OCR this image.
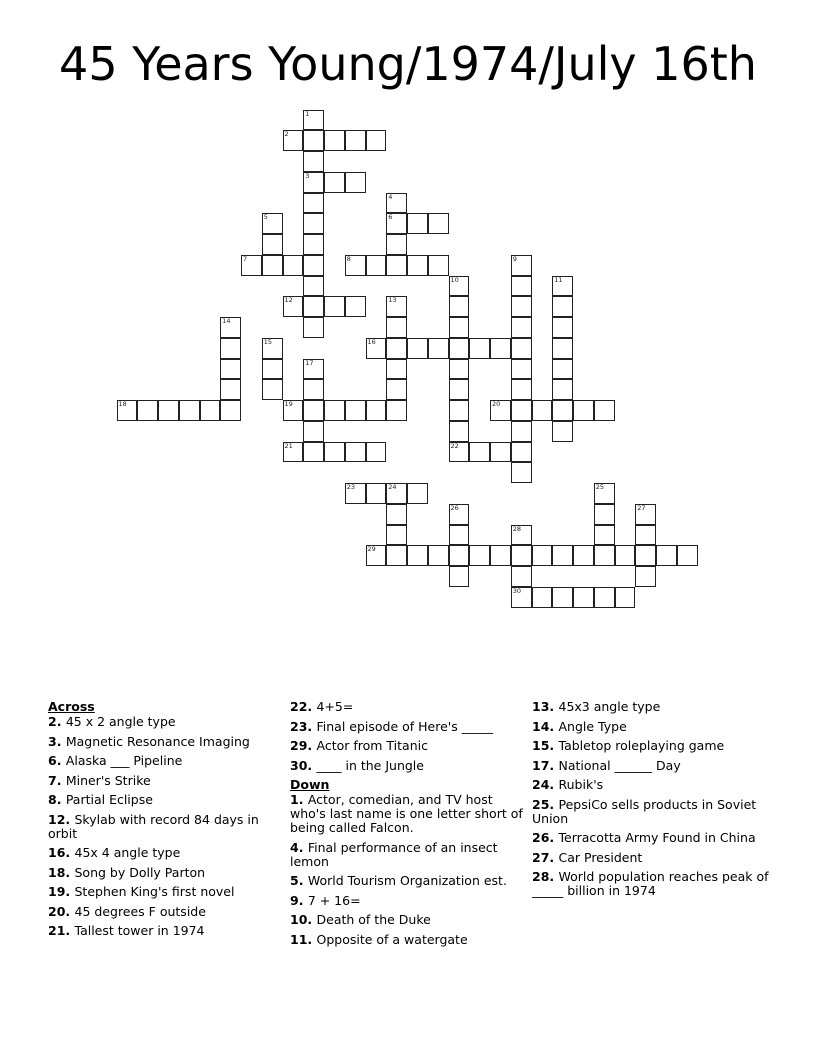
45 Years Young/1974/July 16th
1
3
2
4
6
5
7	8	9
10
22
11
12	13
14
15	16
17
18	19	20
21
23	24	25
26	27
28
30
29
Across
2. 45 x 2 angle type
3. Magnetic Resonance Imaging
6. Alaska ___ Pipeline
7. Miner's Strike
8. Partial Eclipse
12. Skylab with record 84 days in orbit
16. 45x 4 angle type
18. Song by Dolly Parton
19. Stephen King's first novel
20. 45 degrees F outside
21. Tallest tower in 1974
22. 4+5=
23. Final episode of Here's _____
29. Actor from Titanic
30. ____ in the Jungle
Down
1. Actor, comedian, and TV host who's last name is one letter short of being called Falcon.
4. Final performance of an insect lemon
5. World Tourism Organization est.
9. 7 + 16=
10. Death of the Duke
11. Opposite of a watergate
13. 45x3 angle type
14. Angle Type
15. Tabletop roleplaying game
17. National ______ Day
24. Rubik's
25. PepsiCo sells products in Soviet Union
26. Terracotta Army Found in China
27. Car President
28. World population reaches peak of _____ billion in 1974
